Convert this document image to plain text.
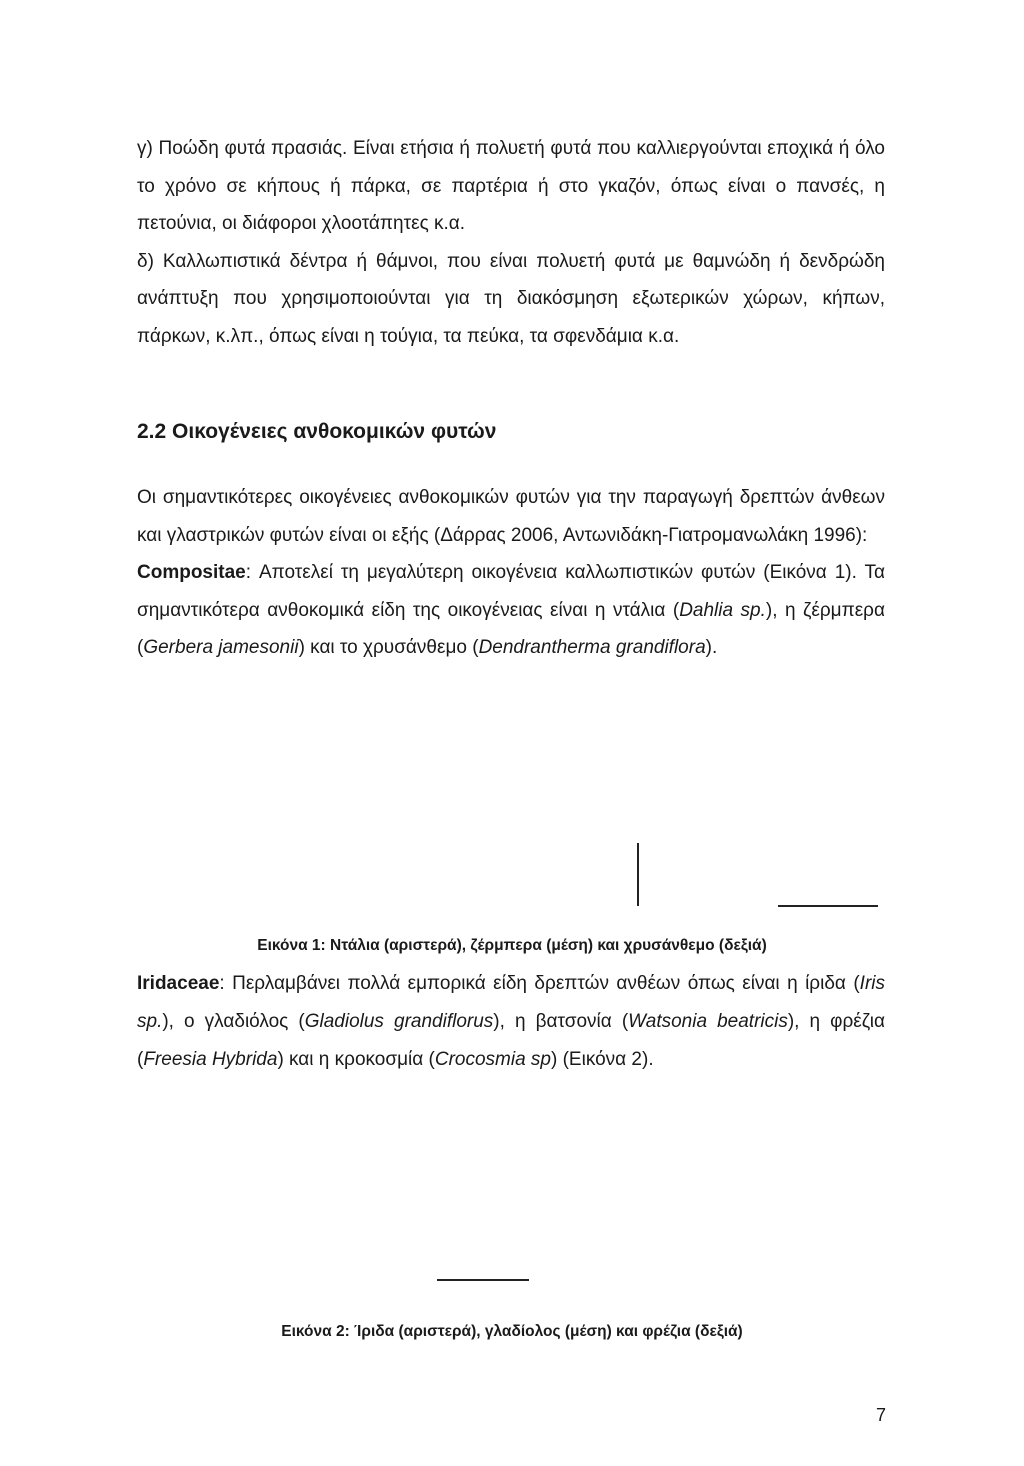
γ) Ποώδη φυτά πρασιάς. Είναι ετήσια ή πολυετή φυτά που καλλιεργούνται εποχικά ή όλο το χρόνο σε κήπους ή πάρκα, σε παρτέρια ή στο γκαζόν, όπως είναι ο πανσές, η πετούνια, οι διάφοροι χλοοτάπητες κ.α.

δ) Καλλωπιστικά δέντρα ή θάμνοι, που είναι πολυετή φυτά με θαμνώδη ή δενδρώδη ανάπτυξη που χρησιμοποιούνται για τη διακόσμηση εξωτερικών χώρων, κήπων, πάρκων, κ.λπ., όπως είναι η τούγια, τα πεύκα, τα σφενδάμια κ.α.

2.2 Οικογένειες ανθοκομικών φυτών

Οι σημαντικότερες οικογένειες ανθοκομικών φυτών για την παραγωγή δρεπτών άνθεων και γλαστρικών φυτών είναι οι εξής (Δάρρας 2006, Αντωνιδάκη-Γιατρομανωλάκη 1996):

Compositae: Αποτελεί τη μεγαλύτερη οικογένεια καλλωπιστικών φυτών (Εικόνα 1). Τα σημαντικότερα ανθοκομικά είδη της οικογένειας είναι η ντάλια (Dahlia sp.), η ζέρμπερα (Gerbera jamesonii) και το χρυσάνθεμο (Dendrantherma grandiflora).

Εικόνα 1: Ντάλια (αριστερά), ζέρμπερα (μέση) και χρυσάνθεμο (δεξιά)

Iridaceae: Περλαμβάνει πολλά εμπορικά είδη δρεπτών ανθέων όπως είναι η ίριδα (Iris sp.), ο γλαδιόλος (Gladiolus grandiflorus), η βατσονία (Watsonia beatricis), η φρέζια (Freesia Hybrida) και η κροκοσμία (Crocosmia sp) (Εικόνα 2).

Εικόνα 2: Ίριδα (αριστερά), γλαδίολος (μέση) και φρέζια (δεξιά)

7
